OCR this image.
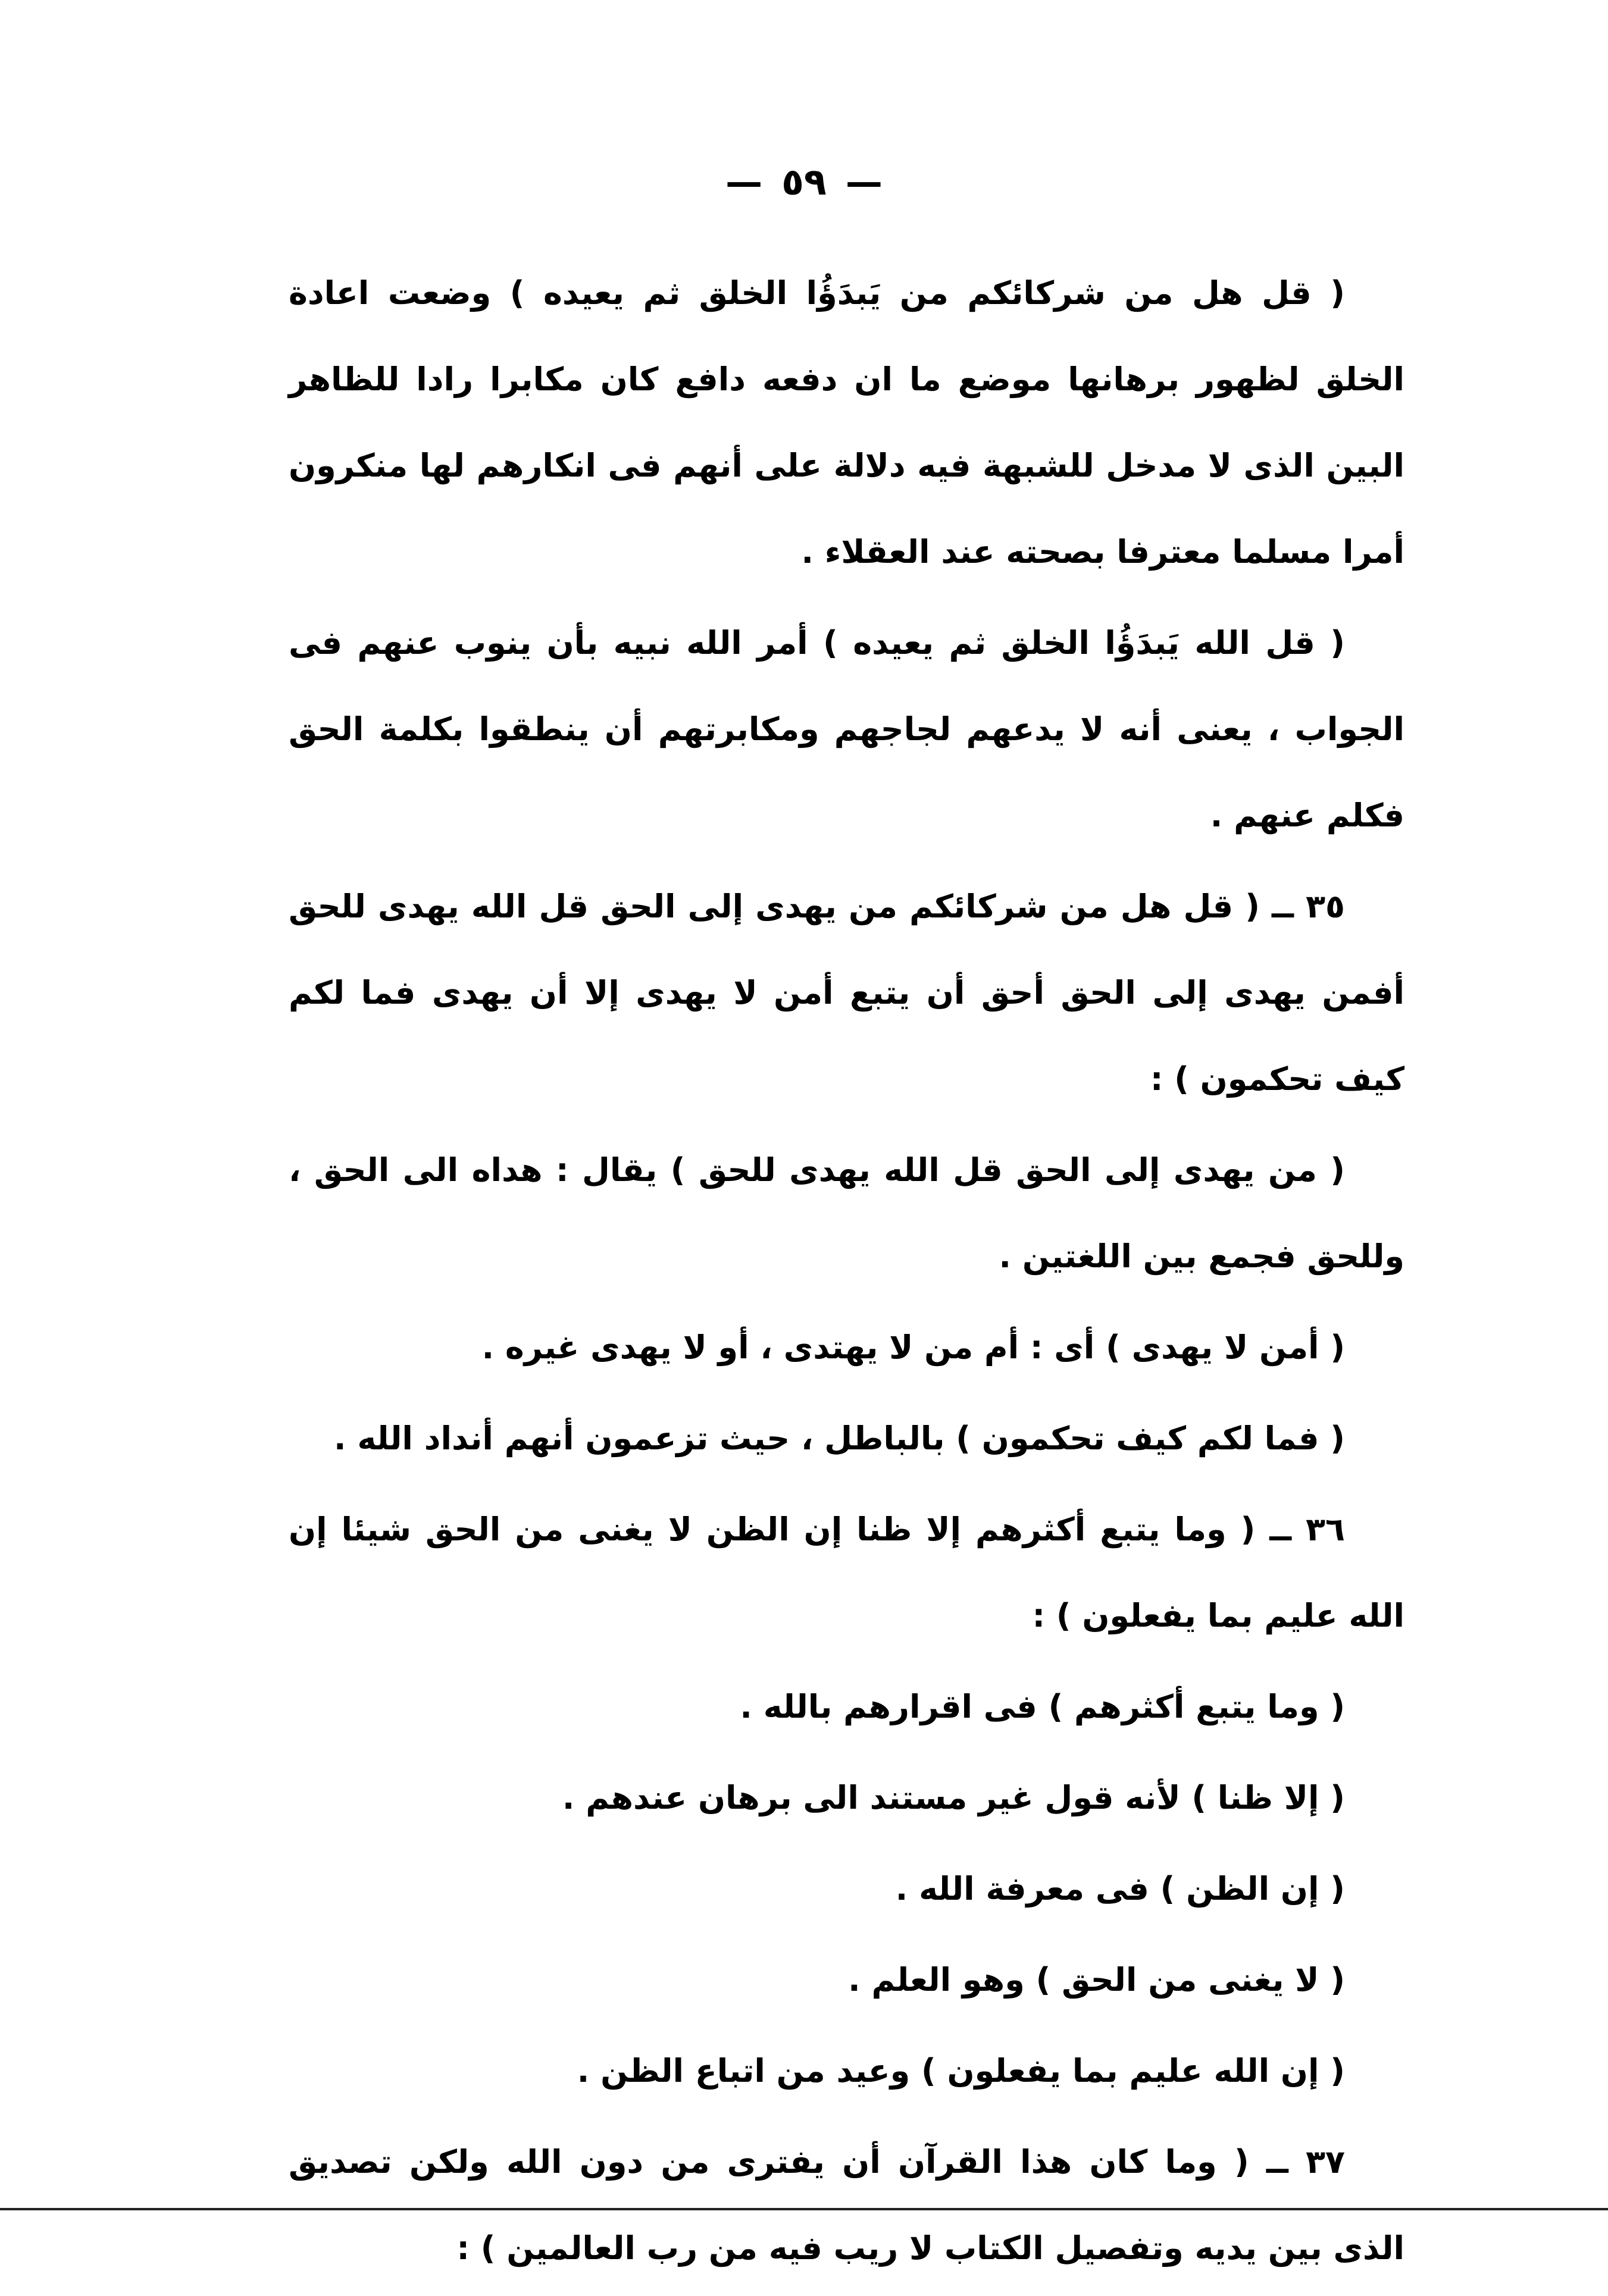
— ٥٩ —

( قل هل من شركائكم من يَبدَؤُا الخلق ثم يعيده ) وضعت اعادة الخلق لظهور برهانها موضع ما ان دفعه دافع كان مكابرا رادا للظاهر البين الذى لا مدخل للشبهة فيه دلالة على أنهم فى انكارهم لها منكرون أمرا مسلما معترفا بصحته عند العقلاء .

( قل الله يَبدَؤُا الخلق ثم يعيده ) أمر الله نبيه بأن ينوب عنهم فى الجواب ، يعنى أنه لا يدعهم لجاجهم ومكابرتهم أن ينطقوا بكلمة الحق فكلم عنهم .

٣٥ ــ ( قل هل من شركائكم من يهدى إلى الحق قل الله يهدى للحق أفمن يهدى إلى الحق أحق أن يتبع أمن لا يهدى إلا أن يهدى فما لكم كيف تحكمون ) :

( من يهدى إلى الحق قل الله يهدى للحق ) يقال : هداه الى الحق ، وللحق فجمع بين اللغتين .

( أمن لا يهدى ) أى : أم من لا يهتدى ، أو لا يهدى غيره .

( فما لكم كيف تحكمون ) بالباطل ، حيث تزعمون أنهم أنداد الله .

٣٦ ــ ( وما يتبع أكثرهم إلا ظنا إن الظن لا يغنى من الحق شيئا إن الله عليم بما يفعلون ) :

( وما يتبع أكثرهم ) فى اقرارهم بالله .

( إلا ظنا ) لأنه قول غير مستند الى برهان عندهم .

( إن الظن ) فى معرفة الله .

( لا يغنى من الحق ) وهو العلم .

( إن الله عليم بما يفعلون ) وعيد من اتباع الظن .

٣٧ ــ ( وما كان هذا القرآن أن يفترى من دون الله ولكن تصديق الذى بين يديه وتفصيل الكتاب لا ريب فيه من رب العالمين ) :
